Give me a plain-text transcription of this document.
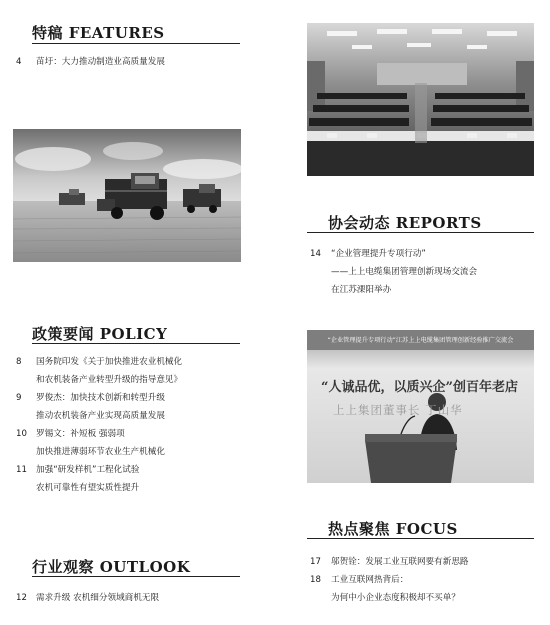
特稿 FEATURES
4 苗圩：大力推动制造业高质量发展
政策要闻 POLICY
8 国务院印发《关于加快推进农业机械化
和农机装备产业转型升级的指导意见》
9 罗俊杰：加快技术创新和转型升级
推动农机装备产业实现高质量发展
10 罗锡文：补短板 强弱项
加快推进薄弱环节农业生产机械化
11 加强“研发样机”工程化试验
农机可靠性有望实质性提升
行业观察 OUTLOOK
12 需求升级 农机细分领域商机无限
协会动态 REPORTS
14 “企业管理提升专项行动”
——上上电缆集团管理创新现场交流会
在江苏溧阳举办
“企业管理提升专项行动”江苏上上电缆集团管理创新经验推广交流会
“人诚品优，以质兴企”创百年老店
上上集团董事长 丁山华
热点聚焦 FOCUS
17 邬贺铨：发展工业互联网要有新思路
18 工业互联网热背后：
为何中小企业态度积极却不买单？
